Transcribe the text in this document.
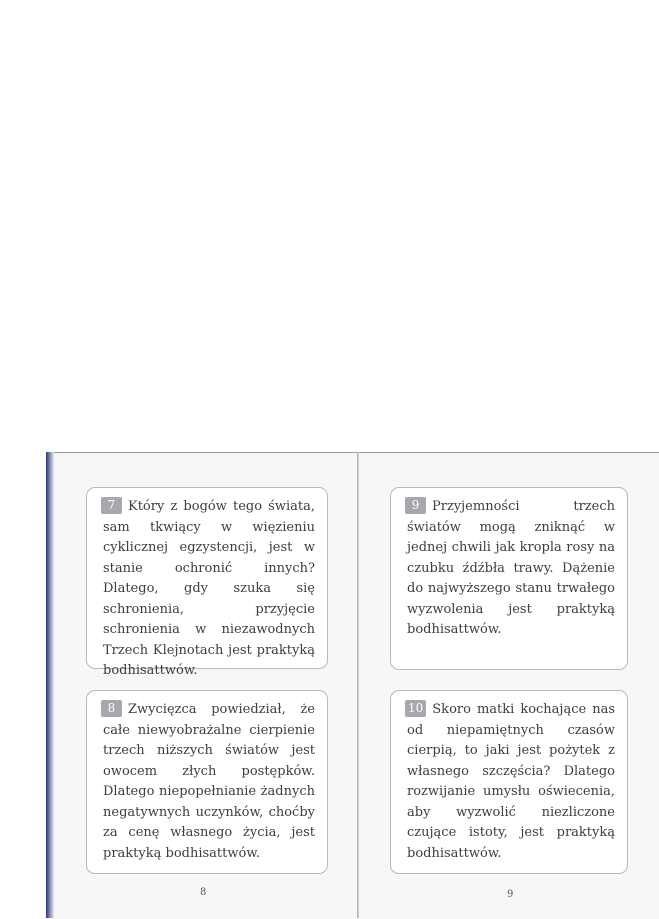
7 Który z bogów tego świata, sam tkwiący w więzieniu cyklicznej egzystencji, jest w stanie ochronić innych? Dlatego, gdy szuka się schronienia, przyjęcie schronienia w niezawodnych Trzech Klejnotach jest praktyką bodhisattwów.
8 Zwycięzca powiedział, że całe niewyobrażalne cierpienie trzech niższych światów jest owocem złych postępków. Dlatego niepopełnianie żadnych negatywnych uczynków, choćby za cenę własnego życia, jest praktyką bodhisattwów.
9 Przyjemności trzech światów mogą zniknąć w jednej chwili jak kropla rosy na czubku źdźbła trawy. Dążenie do najwyższego stanu trwałego wyzwolenia jest praktyką bodhisattwów.
10 Skoro matki kochające nas od niepamiętnych czasów cierpią, to jaki jest pożytek z własnego szczęścia? Dlatego rozwijanie umysłu oświecenia, aby wyzwolić niezliczone czujące istoty, jest praktyką bodhisattwów.
8	9
